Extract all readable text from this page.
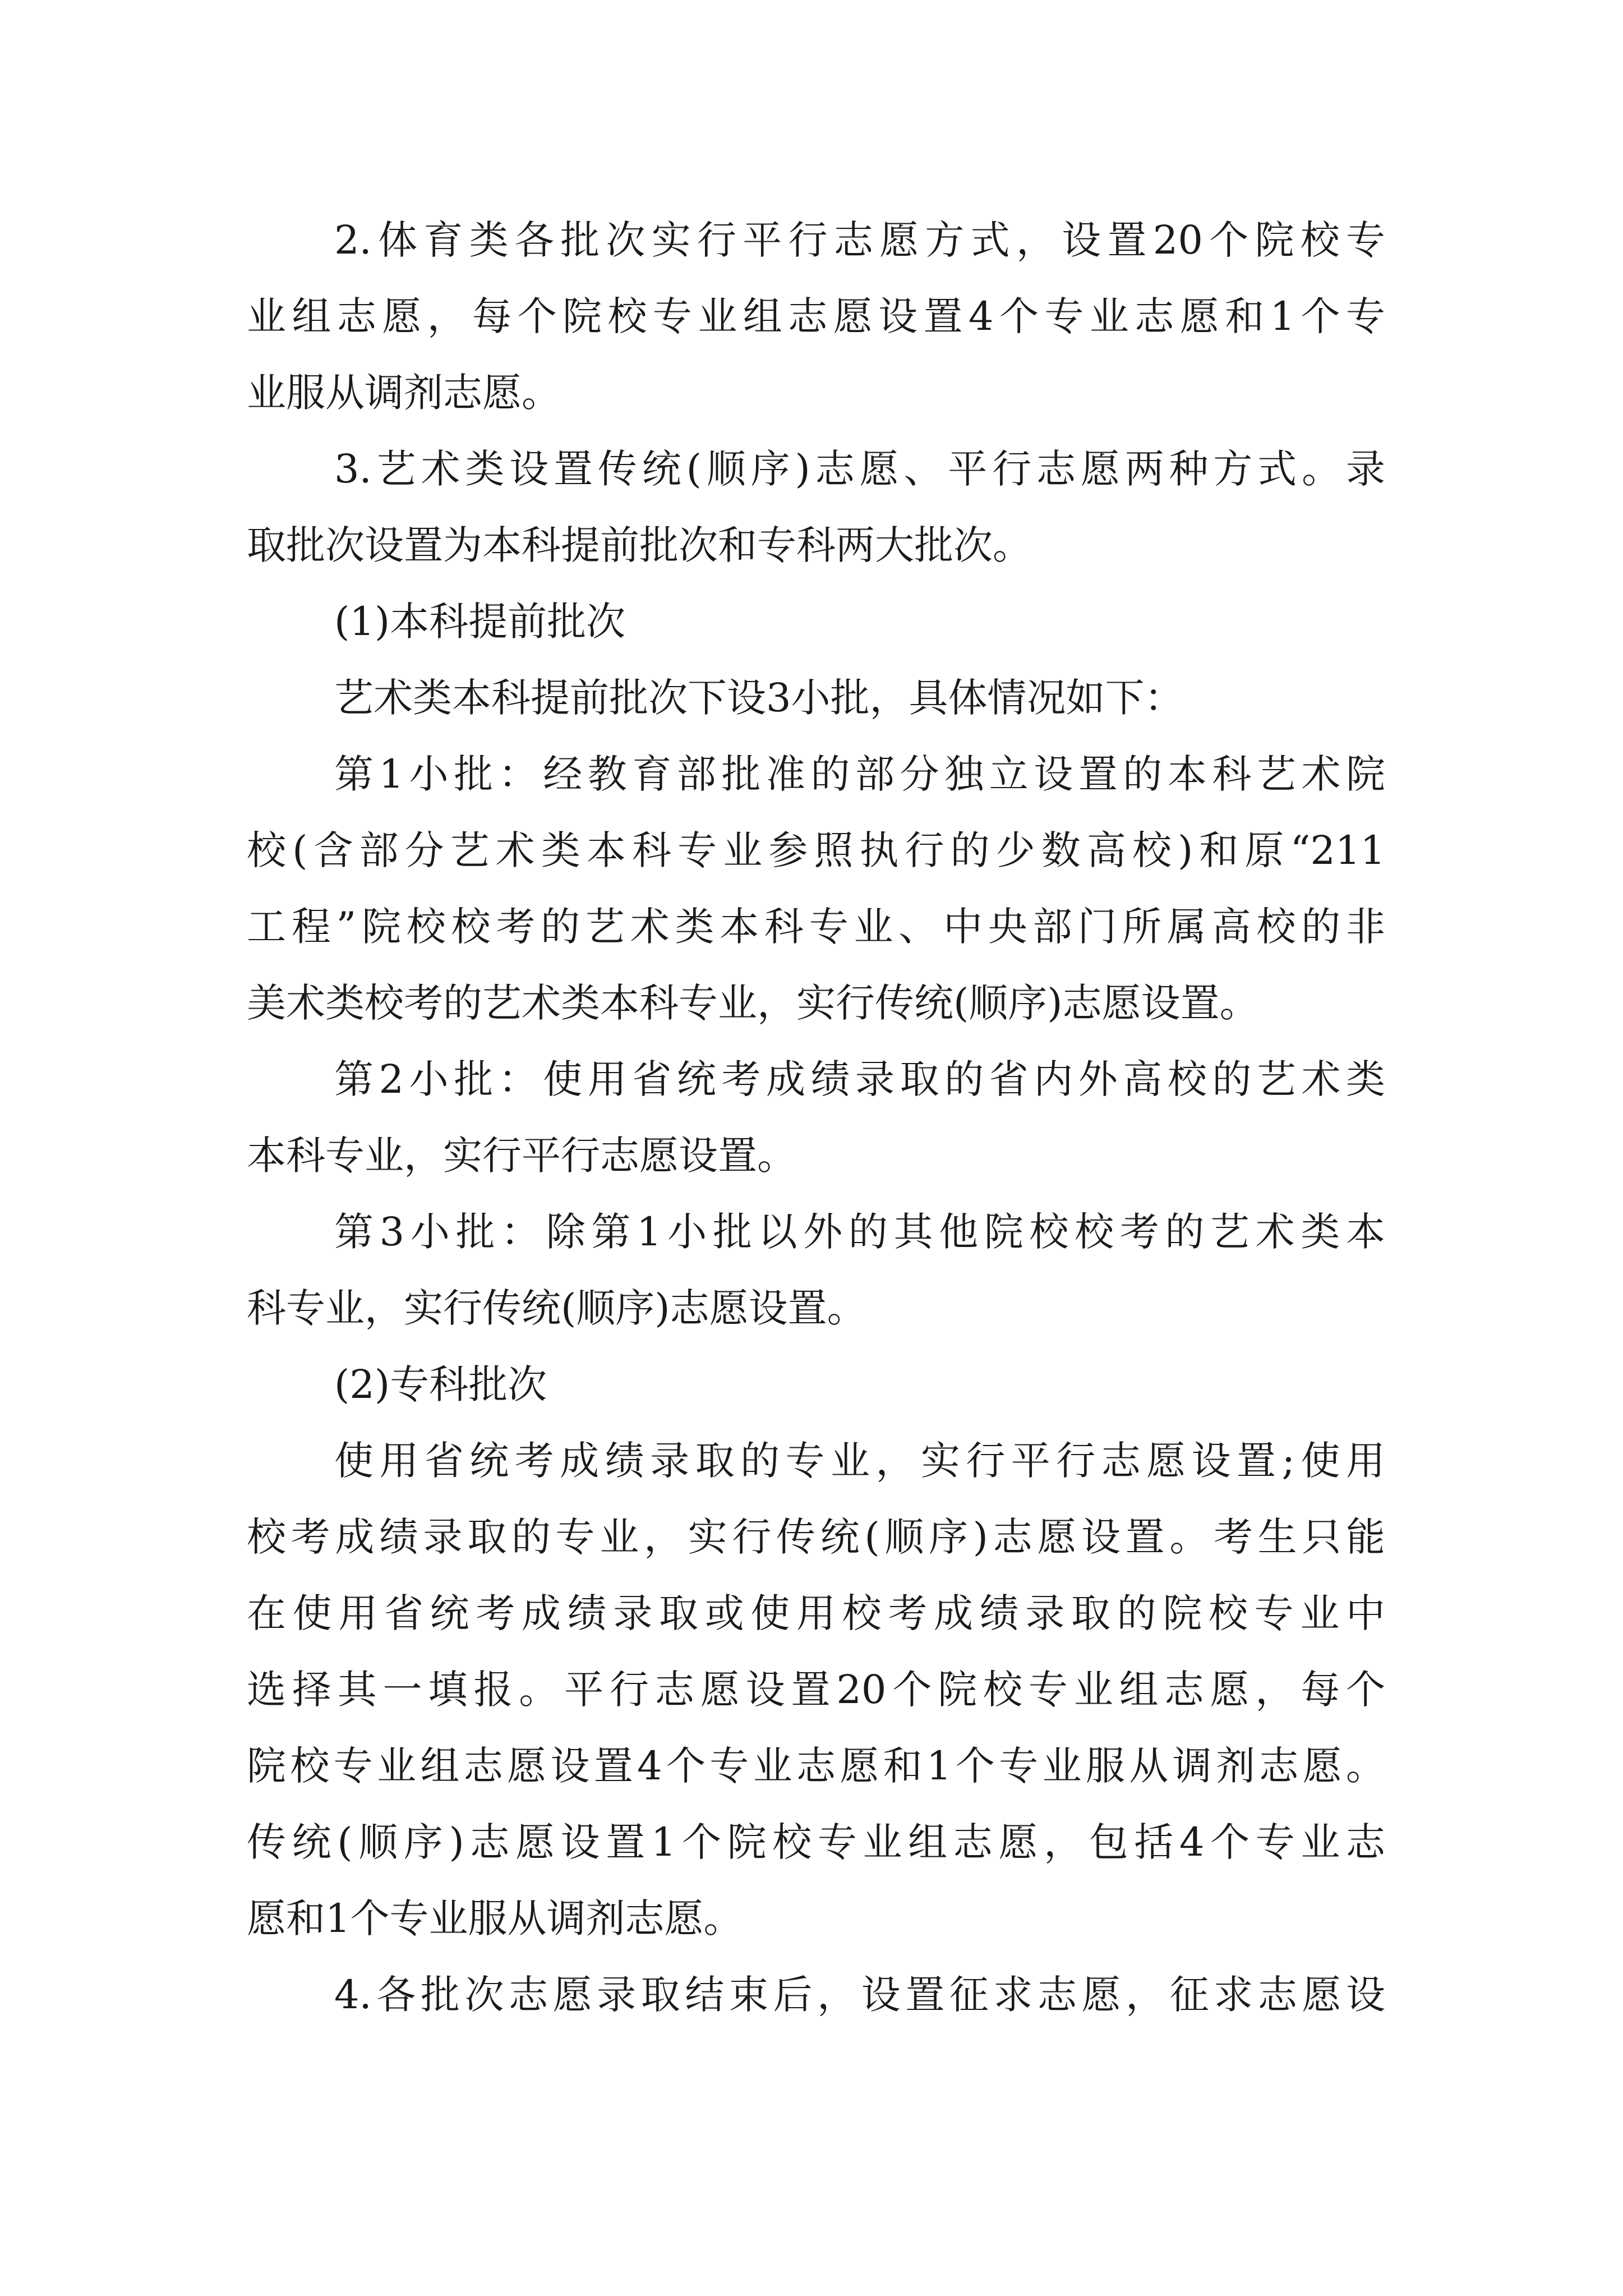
2.体育类各批次实行平行志愿方式，设置20个院校专
业组志愿，每个院校专业组志愿设置4个专业志愿和1个专
业服从调剂志愿。
3.艺术类设置传统(顺序)志愿、平行志愿两种方式。录
取批次设置为本科提前批次和专科两大批次。
(1)本科提前批次
艺术类本科提前批次下设3小批，具体情况如下：
第1小批：经教育部批准的部分独立设置的本科艺术院
校(含部分艺术类本科专业参照执行的少数高校)和原“211
工程”院校校考的艺术类本科专业、中央部门所属高校的非
美术类校考的艺术类本科专业，实行传统(顺序)志愿设置。
第2小批：使用省统考成绩录取的省内外高校的艺术类
本科专业，实行平行志愿设置。
第3小批：除第1小批以外的其他院校校考的艺术类本
科专业，实行传统(顺序)志愿设置。
(2)专科批次
使用省统考成绩录取的专业，实行平行志愿设置;使用
校考成绩录取的专业，实行传统(顺序)志愿设置。考生只能
在使用省统考成绩录取或使用校考成绩录取的院校专业中
选择其一填报。平行志愿设置20个院校专业组志愿，每个
院校专业组志愿设置4个专业志愿和1个专业服从调剂志愿。
传统(顺序)志愿设置1个院校专业组志愿，包括4个专业志
愿和1个专业服从调剂志愿。
4.各批次志愿录取结束后，设置征求志愿，征求志愿设
